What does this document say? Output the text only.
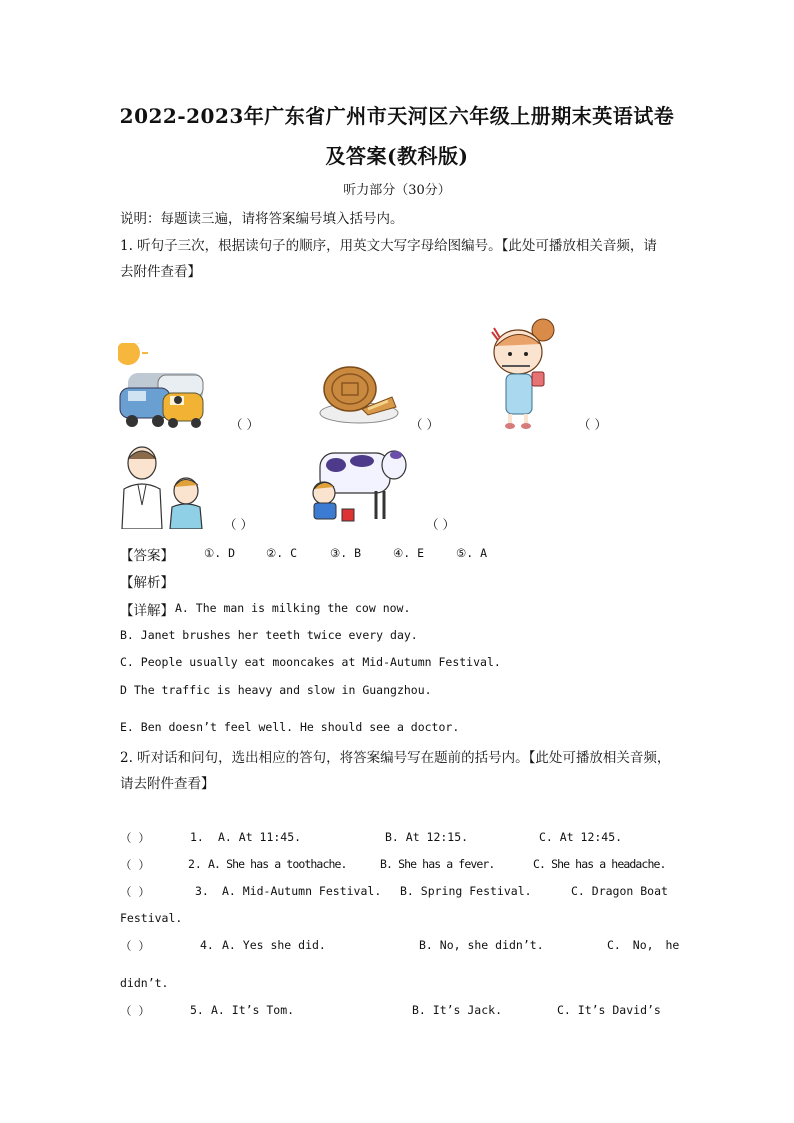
2022-2023年广东省广州市天河区六年级上册期末英语试卷
及答案(教科版)
听力部分（30分）
说明：每题读三遍，请将答案编号填入括号内。
1. 听句子三次，根据读句子的顺序，用英文大写字母给图编号。【此处可播放相关音频，请
去附件查看】
（ ）	（ ）	（ ）
（ ）	（ ）
【答案】	①. D	②. C	③. B	④. E	⑤. A
【解析】
【详解】 A. The man is milking the cow now.
B. Janet brushes her teeth twice every day.
C. People usually eat mooncakes at Mid-Autumn Festival.
D The traffic is heavy and slow in Guangzhou.
E. Ben doesn’t feel well. He should see a doctor.
2. 听对话和问句，选出相应的答句，将答案编号写在题前的括号内。【此处可播放相关音频，
请去附件查看】
（ ）	1. A. At 11:45.	B. At 12:15.	C. At 12:45.
（ ）	2. A. She has a toothache.	B. She has a fever.	C. She has a headache.
（ ）	3. A. Mid-Autumn Festival. B. Spring Festival.	C. Dragon Boat
Festival.
（ ）	4. A. Yes she did.	B. No, she didn’t.	C. No, he
didn’t.
（ ）	5. A. It’s Tom.	B. It’s Jack.	C. It’s David’s
